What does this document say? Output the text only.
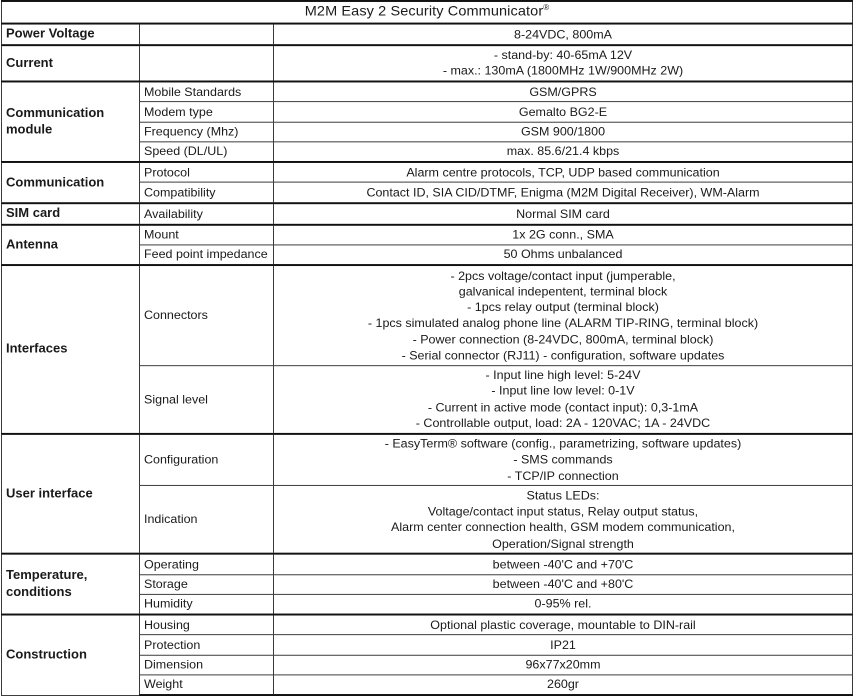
M2M Easy 2 Security Communicator®
Power Voltage		8-24VDC, 800mA

Current		- stand-by: 40-65mA 12V
- max.: 130mA (1800MHz 1W/900MHz 2W)

Communication module	Mobile Standards	GSM/GPRS

	Modem type	Gemalto BG2-E

	Frequency (Mhz)	GSM 900/1800

	Speed (DL/UL)	max. 85.6/21.4 kbps

Communication	Protocol	Alarm centre protocols, TCP, UDP based communication

	Compatibility	Contact ID, SIA CID/DTMF, Enigma (M2M Digital Receiver), WM-Alarm

SIM card	Availability	Normal SIM card

Antenna	Mount	1x 2G conn., SMA

	Feed point impedance	50 Ohms unbalanced

Interfaces	Connectors	
- 2pcs voltage/contact input (jumperable,
galvanical indepentent, terminal block
- 1pcs relay output (terminal block)
- 1pcs simulated analog phone line (ALARM TIP-RING, terminal block)
- Power connection (8-24VDC, 800mA, terminal block)
- Serial connector (RJ11) - configuration, software updates

	Signal level	- Input line high level: 5-24V
- Input line low level: 0-1V
- Current in active mode (contact input): 0,3-1mA
- Controllable output, load: 2A - 120VAC; 1A - 24VDC

User interface	Configuration	- EasyTerm® software (config., parametrizing, software updates)
- SMS commands
- TCP/IP connection

	Indication	Status LEDs:
Voltage/contact input status, Relay output status,
Alarm center connection health, GSM modem communication,
Operation/Signal strength

Temperature, conditions	Operating	between -40'C and +70'C

	Storage	between -40'C and +80'C

	Humidity	0-95% rel.

Construction	Housing	Optional plastic coverage, mountable to DIN-rail

	Protection	IP21

	Dimension	96x77x20mm

	Weight	260gr
